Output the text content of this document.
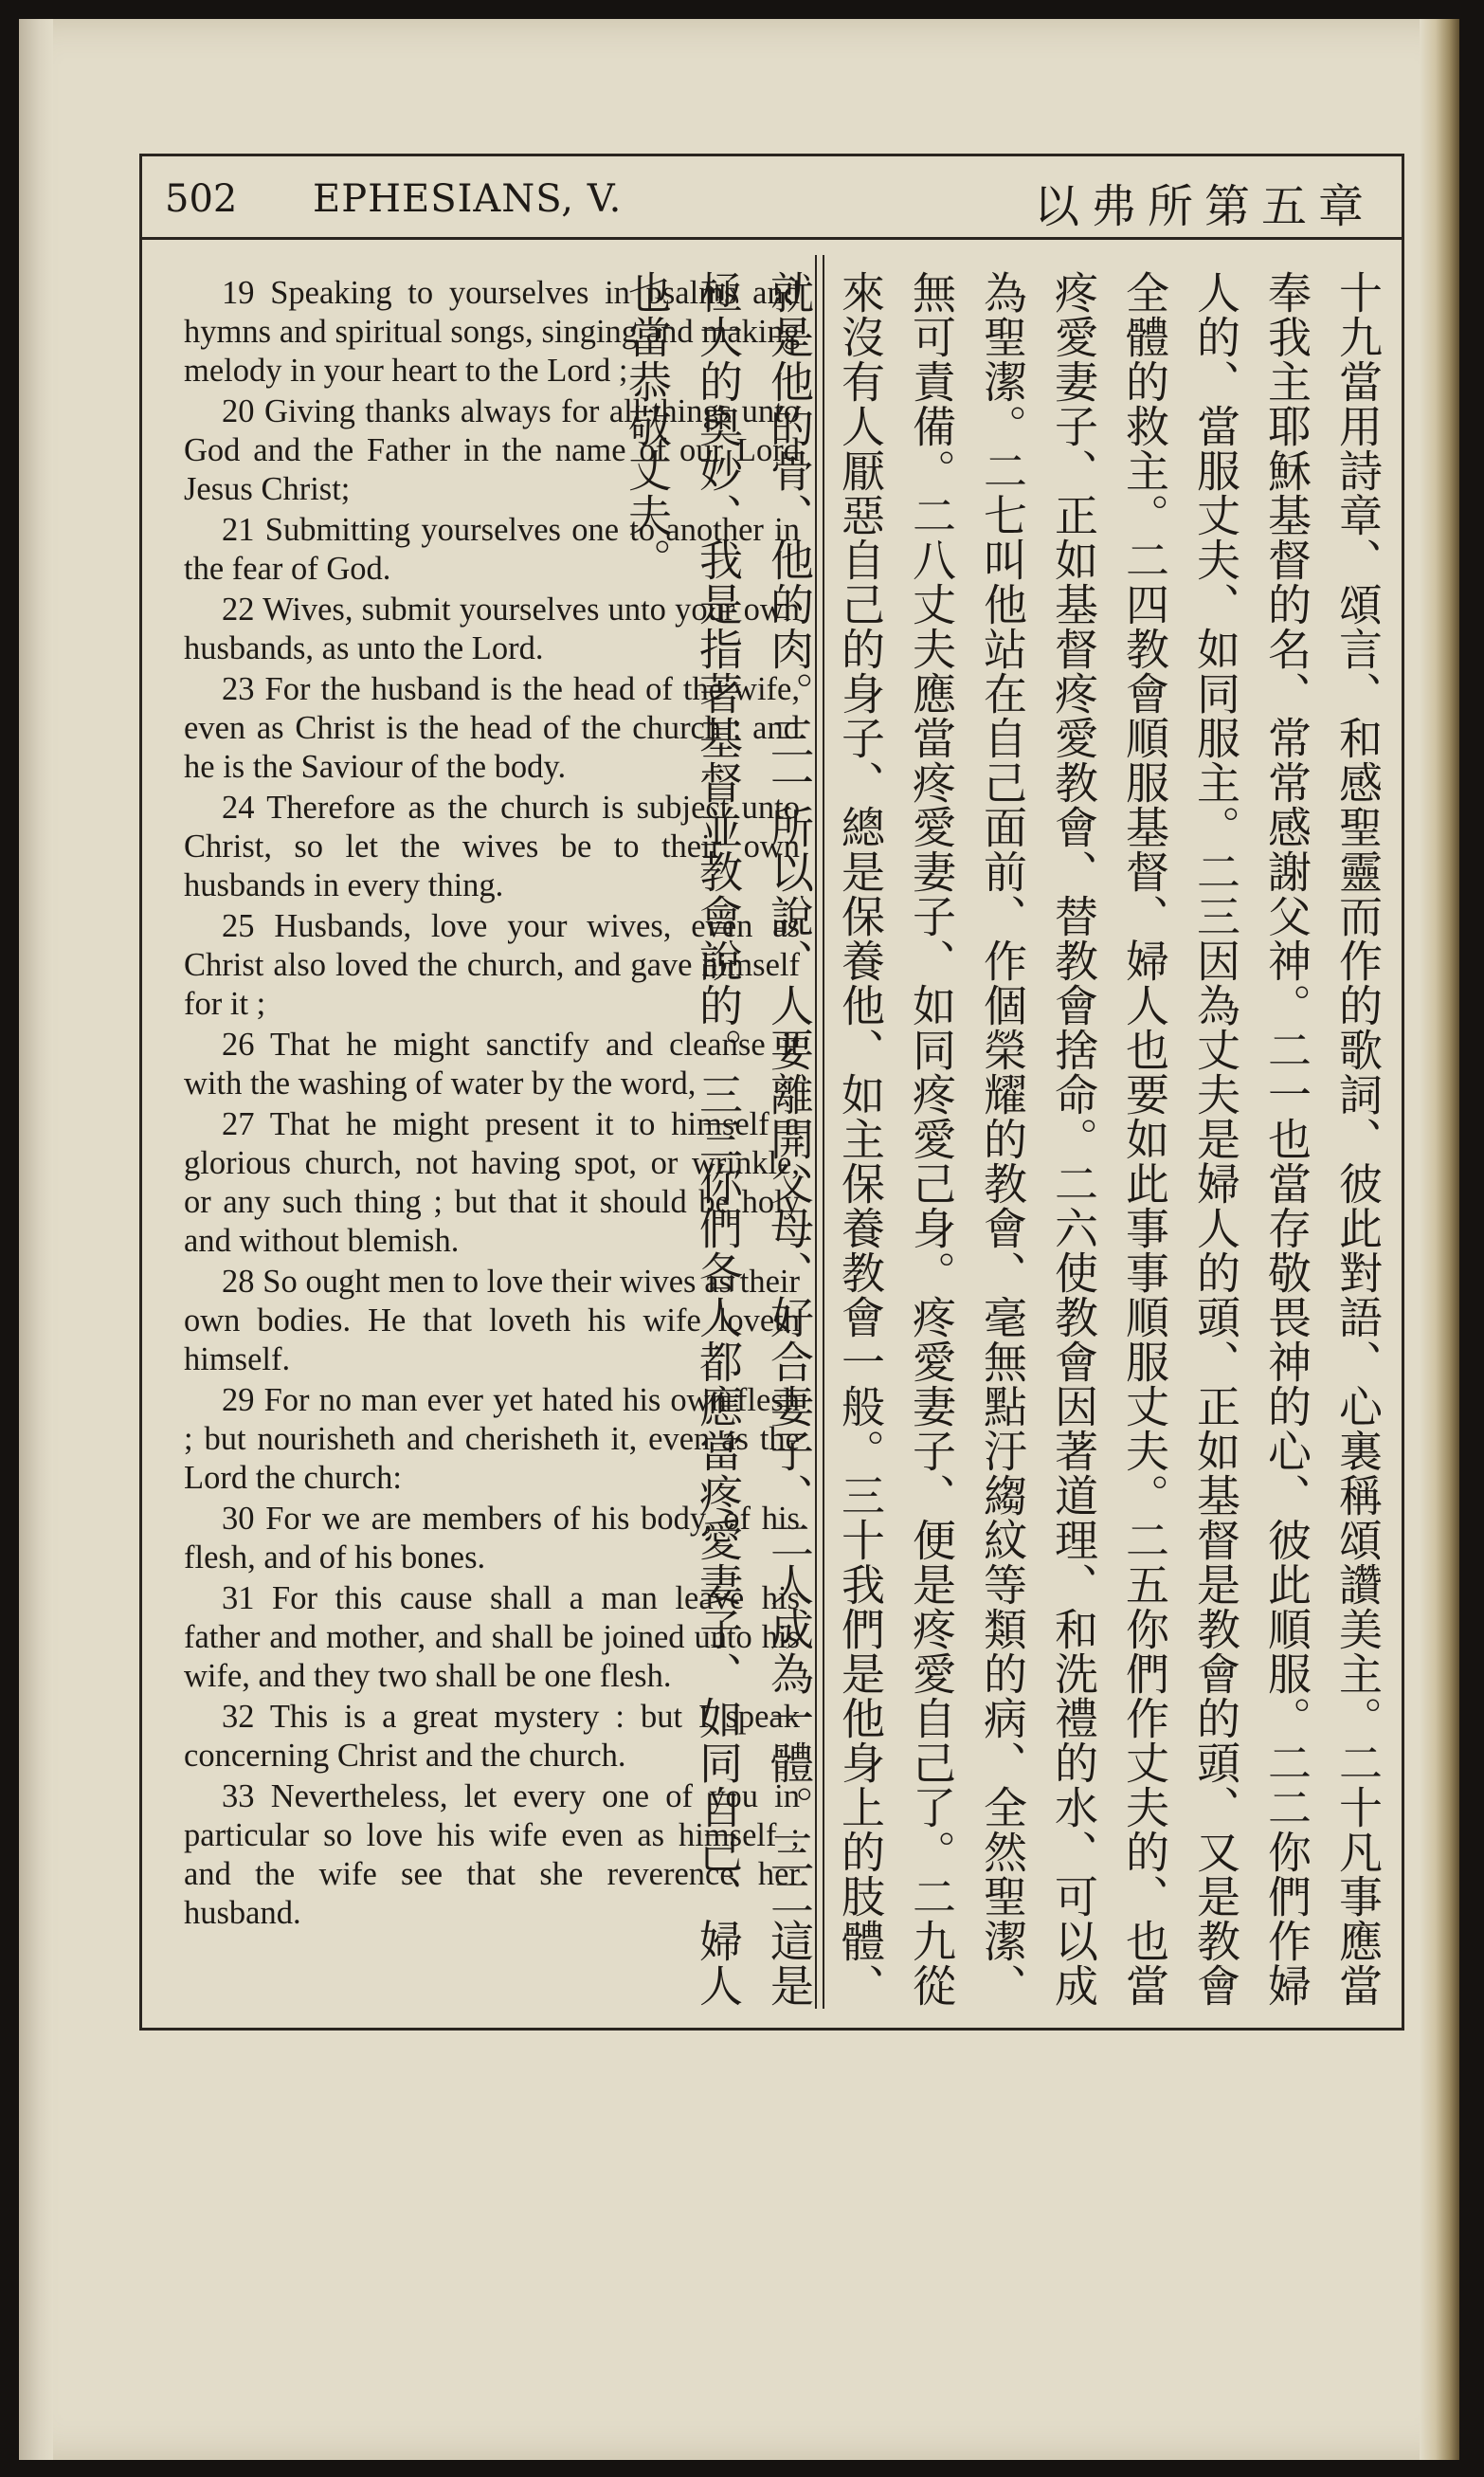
502 EPHESIANS, V.	以弗所第五章

19 Speaking to yourselves in psalms and hymns and spiritual songs, singing and making melody in your heart to the Lord ;

20 Giving thanks always for all things unto God and the Father in the name of our Lord Jesus Christ;

21 Submitting yourselves one to another in the fear of God.

22 Wives, submit yourselves unto your own husbands, as unto the Lord.

23 For the husband is the head of the wife, even as Christ is the head of the church : and he is the Saviour of the body.

24 Therefore as the church is subject unto Christ, so let the wives be to their own husbands in every thing.

25 Husbands, love your wives, even as Christ also loved the church, and gave himself for it ;

26 That he might sanctify and cleanse it with the washing of water by the word,

27 That he might present it to himself a glorious church, not having spot, or wrinkle, or any such thing ; but that it should be holy and without blemish.

28 So ought men to love their wives as their own bodies. He that loveth his wife loveth himself.

29 For no man ever yet hated his own flesh ; but nourisheth and cherisheth it, even as the Lord the church:

30 For we are members of his body, of his flesh, and of his bones.

31 For this cause shall a man leave his father and mother, and shall be joined unto his wife, and they two shall be one flesh.

32 This is a great mystery : but I speak concerning Christ and the church.

33 Nevertheless, let every one of you in particular so love his wife even as himself ; and the wife see that she reverence her husband.	十九當用詩章、頌言、和感聖靈而作的歌詞、彼此對語、心裏稱頌讚美主。二十凡事應當奉我主耶穌基督的名、常常感謝父神。二一也當存敬畏神的心、彼此順服。二二你們作婦人的、當服丈夫、如同服主。二三因為丈夫是婦人的頭、正如基督是教會的頭、又是教會全體的救主。二四教會順服基督、婦人也要如此事事順服丈夫。二五你們作丈夫的、也當疼愛妻子、正如基督疼愛教會、替教會捨命。二六使教會因著道理、和洗禮的水、可以成為聖潔。二七叫他站在自己面前、作個榮耀的教會、毫無點汙縐紋等類的病、全然聖潔、無可責備。二八丈夫應當疼愛妻子、如同疼愛己身。疼愛妻子、便是疼愛自己了。二九從來沒有人厭惡自己的身子、總是保養他、如主保養教會一般。三十我們是他身上的肢體、就是他的骨、他的肉。三一所以說、人要離開父母、好合妻子、二人成為一體。三二這是極大的奧妙、我是指著基督並教會說的。三三你們各人都應當疼愛妻子、如同自己、婦人也當恭敬丈夫。
